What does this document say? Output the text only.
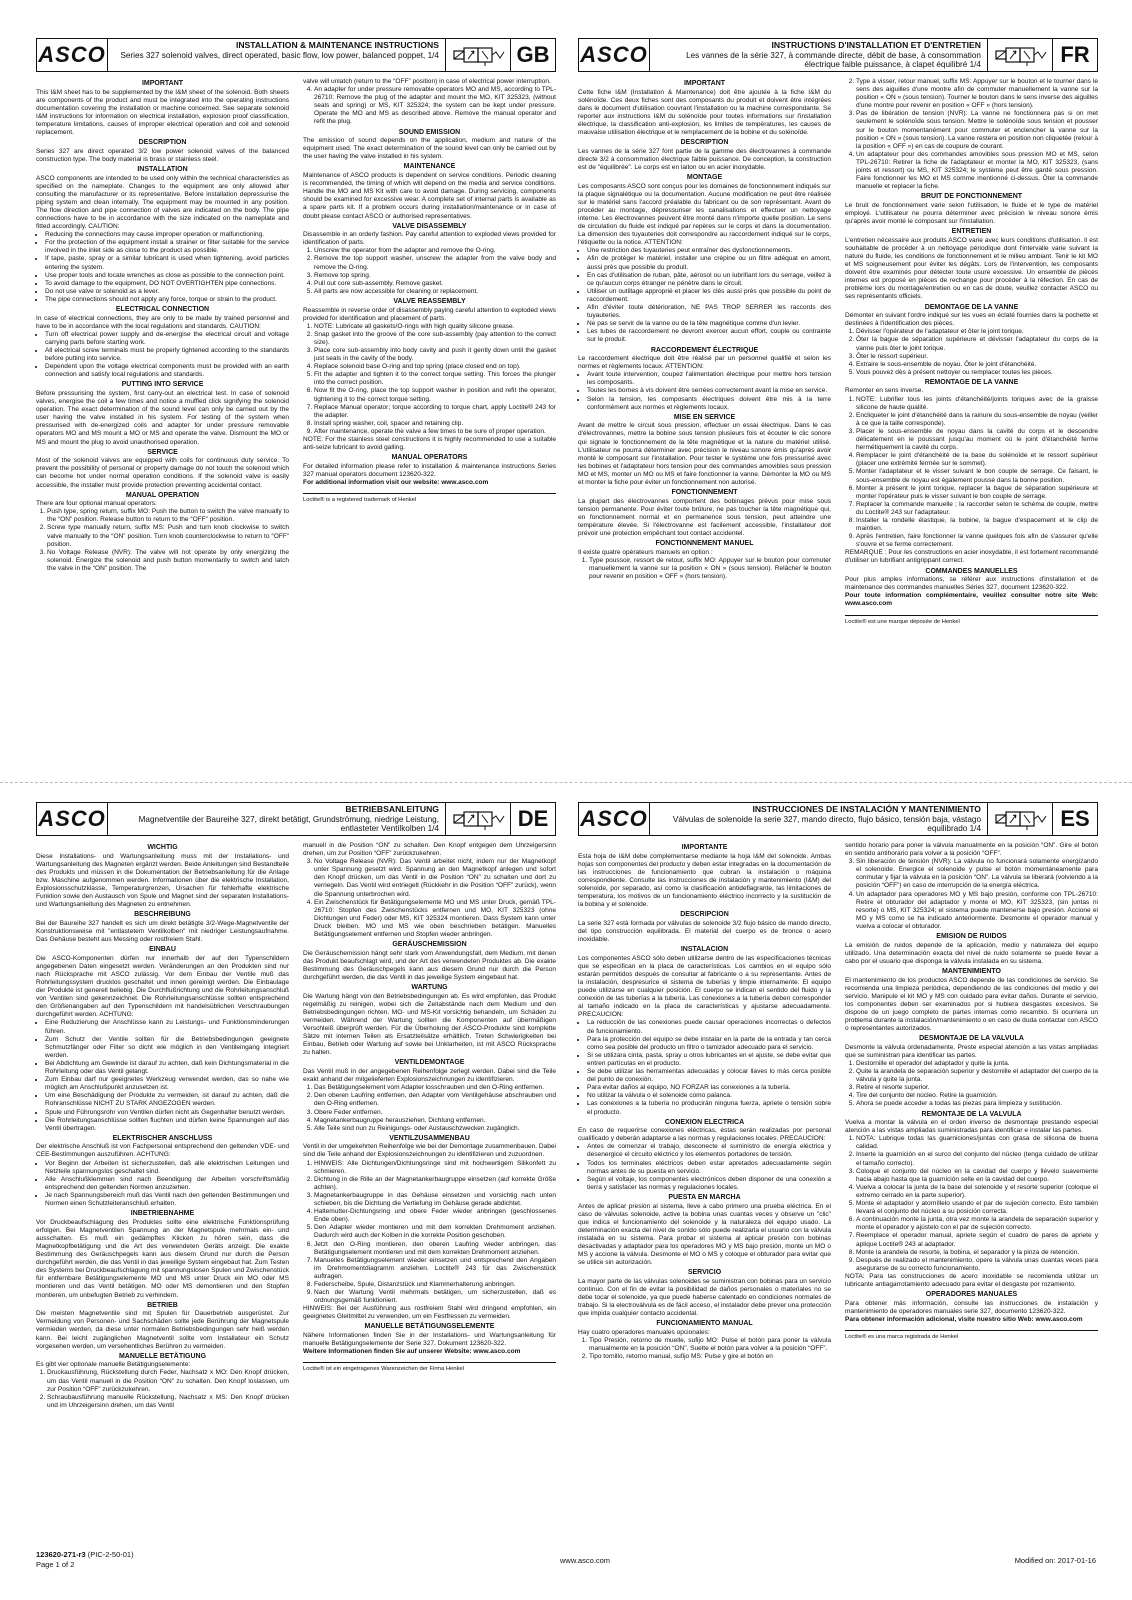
ASCO	INSTALLATION & MAINTENANCE INSTRUCTIONS
Series 327 solenoid valves, direct operated, basic flow, low power, balanced poppet, 1/4	GB
IMPORTANT

This I&M sheet has to be supplemented by the I&M sheet of the solenoid. Both sheets are components of the product and must be integrated into the operating instructions documentation covering the installation or machine concerned. See separate solenoid I&M instructions for information on electrical installation, explosion proof classification, temperature limitations, causes of improper electrical operation and coil and solenoid replacement.

DESCRIPTION

Series 327 are direct operated 3/2 low power solenoid valves of the balanced construction type. The body material is brass or stainless steel.

INSTALLATION

ASCO components are intended to be used only within the technical characteristics as specified on the nameplate. Changes to the equipment are only allowed after consulting the manufacturer or its representative. Before installation depressurise the piping system and clean internally. The equipment may be mounted in any position. The flow direction and pipe connection of valves are indicated on the body. The pipe connections have to be in accordance with the size indicated on the nameplate and fitted accordingly. CAUTION:

• Reducing the connections may cause improper operation or malfunctioning.
• For the protection of the equipment install a strainer or filter suitable for the service involved in the inlet side as close to the product as possible.
• If tape, paste, spray or a similar lubricant is used when tightening, avoid particles entering the system.
• Use proper tools and locate wrenches as close as possible to the connection point.
• To avoid damage to the equipment, DO NOT OVERTIGHTEN pipe connections.
• Do not use valve or solenoid as a lever.
• The pipe connections should not apply any force, torque or strain to the product.
ELECTRICAL CONNECTION

In case of electrical connections, they are only to be made by trained personnel and have to be in accordance with the local regulations and standards. CAUTION:

• Turn off electrical power supply and de-energise the electrical circuit and voltage carrying parts before starting work.
• All electrical screw terminals must be properly tightened according to the standards before putting into service.
• Dependent upon the voltage electrical components must be provided with an earth connection and satisfy local regulations and standards.
PUTTING INTO SERVICE

Before pressurising the system, first carry-out an electrical test. In case of solenoid valves, energise the coil a few times and notice a muffled click signifying the solenoid operation. The exact determination of the sound level can only be carried out by the user having the valve installed in his system. For testing of the system when pressurised with de-energized coils and adapter for under pressure removable operators MO and MS mount a MO or MS and operate the valve. Dismount the MO or MS and mount the plug to avoid unauthorised operation.

SERVICE

Most of the solenoid valves are equipped with coils for continuous duty service. To prevent the possibility of personal or property damage do not touch the solenoid which can become hot under normal operation conditions. If the solenoid valve is easily accessible, the installer must provide protection preventing accidental contact.

MANUAL OPERATION

There are four optional manual operators:

1. Push type, spring return, suffix MO: Push the button to switch the valve manually to the “ON” position. Release button to return to the “OFF” position.
2. Screw type manually return, suffix MS: Push and turn knob clockwise to switch valve manually to the “ON” position. Turn knob counterclockwise to return to “OFF” position.
3. No Voltage Release (NVR): The valve will not operate by only energizing the solenoid. Energize the solenoid and push button momentarily to switch and latch the valve in the “ON” position. The

valve will unlatch (return to the “OFF” position) in case of electrical power interruption.

4. An adapter for under pressure removable operators MO and MS, according to TPL-26710: Remove the plug of the adapter and mount the MO, KIT 325323, (without seals and spring) or MS, KIT 325324; the system can be kept under pressure. Operate the MO and MS as described above. Remove the manual operator and refit the plug.
SOUND EMISSION

The emission of sound depends on the application, medium and nature of the equipment used. The exact determination of the sound level can only be carried out by the user having the valve installed in his system.

MAINTENANCE

Maintenance of ASCO products is dependent on service conditions. Periodic cleaning is recommended, the timing of which will depend on the media and service conditions. Handle the MO and MS Kit with care to avoid damage. During servicing, components should be examined for excessive wear. A complete set of internal parts is available as a spare parts kit. If a problem occurs during installation/maintenance or in case of doubt please contact ASCO or authorised representatives.

VALVE DISASSEMBLY

Disassemble in an orderly fashion. Pay careful attention to exploded views provided for identification of parts.

1. Unscrew the operator from the adapter and remove the O-ring.
2. Remove the top support washer, unscrew the adapter from the valve body and remove the O-ring.
3. Remove top spring.
4. Pull out core sub-assembly. Remove gasket.
5. All parts are now accessible for cleaning or replacement.
VALVE REASSEMBLY

Reassemble in reverse order of disassembly paying careful attention to exploded views provided for identification and placement of parts.

1. NOTE: Lubricate all gaskets/O-rings with high quality silicone grease.
2. Snap gasket into the groove of the core sub-assembly (pay attention to the correct size).
3. Place core sub-assembly into body cavity and push it gently down until the gasket just seals in the cavity of the body.
4. Replace solenoid base O-ring and top spring (place closed end on top).
5. Fit the adapter and tighten it to the correct torque setting. This forces the plunger into the correct position.
6. Now fit the O-ring, place the top support washer in position and refit the operator, tightening it to the correct torque setting.
7. Replace Manual operator; torque according to torque chart, apply Loctite® 243 for the adapter.
8. Install spring washer, coil, spacer and retaining clip.
9. After maintenance, operate the valve a few times to be sure of proper operation.

NOTE: For the stainless steel constructions it is highly recommended to use a suitable anti-seize lubricant to avoid galling.

MANUAL OPERATORS

For detailed information please refer to installation & maintenance instructions Series 327 manual operators document 123620-322.

For additional information visit our website: www.asco.com

Loctite® is a registered trademark of Henkel
ASCO	INSTRUCTIONS D'INSTALLATION ET D'ENTRETIEN
Les vannes de la série 327, à commande directe, débit de base, à consommation électrique faible puissance, à clapet équilibré 1/4	FR
IMPORTANT

Cette fiche I&M (Installation & Maintenance) doit être ajoutée à la fiche I&M du solénoïde. Ces deux fiches sont des composants du produit et doivent être intégrées dans le document d'utilisation couvrant l'installation ou la machine correspondante. Se reporter aux instructions I&M du solénoïde pour toutes informations sur l'installation électrique, la classification anti-explosion, les limites de températures, les causes de mauvaise utilisation électrique et le remplacement de la bobine et du solénoïde.

DESCRIPTION

Les vannes de la série 327 font partie de la gamme des électrovannes à commande directe 3/2 à consommation électrique faible puissance. De conception, la construction est de "équilibrée". Le corps est en laiton ou en acier inoxydable.

MONTAGE

Les composants ASCO sont conçus pour les domaines de fonctionnement indiqués sur la plaque signalétique ou la documentation. Aucune modification ne peut être réalisée sur le matériel sans l'accord préalable du fabricant ou de son représentant. Avant de procéder au montage, dépressuriser les canalisations et effectuer un nettoyage interne. Les électrovannes peuvent être monté dans n'importe quelle position. Le sens de circulation du fluide est indiqué par repères sur le corps et dans la documentation. La dimension des tuyauteries doit correspondre au raccordement indiqué sur le corps, l'étiquette ou la notice. ATTENTION:

• Une restriction des tuyauteries peut entraîner des dysfonctionnements.
• Afin de protéger le matériel, installer une crépine ou un filtre adéquat en amont, aussi près que possible du produit.
• En cas d'utilisation de ruban, pâte, aérosol ou un lubrifiant lors du serrage, veillez à ce qu'aucun corps étranger ne pénètre dans le circuit.
• Utiliser un outillage approprié et placer les clés aussi près que possible du point de raccordement.
• Afin d'éviter toute détérioration, NE PAS TROP SERRER les raccords des tuyauteries.
• Ne pas se servir de la vanne ou de la tête magnétique comme d'un levier.
• Les tubes de raccordement ne devront exercer aucun effort, couple ou contrainte sur le produit.
RACCORDEMENT ÉLECTRIQUE

Le raccordement électrique doit être réalisé par un personnel qualifié et selon les normes et règlements locaux. ATTENTION:

• Avant toute intervention, coupez l'alimentation électrique pour mettre hors tension les composants.
• Toutes les bornes à vis doivent être serrées correctement avant la mise en service.
• Selon la tension, les composants électriques doivent être mis à la terre conformément aux normes et règlements locaux.
MISE EN SERVICE

Avant de mettre le circuit sous pression, effectuer un essai électrique. Dans le cas d'électrovannes, mettre la bobine sous tension plusieurs fois et écouter le clic sonore qui signale le fonctionnement de la tête magnétique et la nature du matériel utilisé. L'utilisateur ne pourra déterminer avec précision le niveau sonore émis qu'après avoir monté le composant sur l'installation. Pour tester le système une fois pressurisé avec les bobines et l'adaptateur hors tension pour des commandes amovibles sous pression MO et MS, monter un MO ou MS et faire fonctionner la vanne. Démonter la MO ou MS et monter la fiche pour éviter un fonctionnement non autorisé.

FONCTIONNEMENT

La plupart des électrovannes comportent des bobinages prévus pour mise sous tension permanente. Pour éviter toute brûlure, ne pas toucher la tête magnétique qui, en fonctionnement normal et en permanence sous tension, peut atteindre une température élevée. Si l'électrovanne est facilement accessible, l'installateur doit prévoir une protection empêchant tout contact accidentel.

FONCTIONNEMENT MANUEL

Il existe quatre opérateurs manuels en option :

1. Type poussoir, ressort de retour, suffix MO: Appuyer sur le bouton pour commuter manuellement la vanne sur la position « ON » (sous tension). Relâcher le bouton pour revenir en position « OFF » (hors tension).
2. Type à visser, retour manuel, suffix MS: Appuyer sur le bouton et le tourner dans le sens des aiguilles d'une montre afin de commuter manuellement la vanne sur la position « ON » (sous tension). Tourner le bouton dans le sens inverse des aiguilles d'une montre pour revenir en position « OFF » (hors tension).
3. Pas de libération de tension (NVR): La vanne ne fonctionnera pas si on met seulement le solénoïde sous tension. Mettre le solénoïde sous tension et pousser sur le bouton momentanément pour commuter et enclencher la vanne sur la position « ON » (sous tension). La vanne restera en position non cliquetée (relour à la position « OFF ») en cas de coupure de courant.
4. Un adaptateur pour des commandes amovibles sous pression MO et MS, selon TPL-26710: Retirer la fiche de l'adaptateur et monter la MO, KIT 325323, (sans joints et ressort) ou MS, KIT 325324; le système peut être gardé sous pression. Faire fonctionner les MO et MS comme mentionné ci-dessus. Ôter la commande manuelle et replacer la fiche.
BRUIT DE FONCTIONNEMENT

Le bruit de fonctionnement varie selon l'utilisation, le fluide et le type de matériel employé. L'utilisateur ne pourra déterminer avec précision le niveau sonore émis qu'après avoir monté le composant sur l'installation.

ENTRETIEN

L'entretien nécessaire aux produits ASCO varie avec leurs conditions d'utilisation. Il est souhaitable de procéder à un nettoyage périodique dont l'intervalle varie suivant la nature du fluide, les conditions de fonctionnement et le milieu ambiant. Tenir le kit MO et MS soigneusement pour éviter les dégâts. Lors de l'intervention, les composants doivent être examinés pour détecter toute usure excessive. Un ensemble de pièces internes est proposé en pièces de rechange pour procéder à la réfection. En cas de problème lors du montage/entretien ou en cas de doute, veuillez contacter ASCO ou ses représentants officiels.

DEMONTAGE DE LA VANNE

Démonter en suivant l'ordre indiqué sur les vues en éclaté fournies dans la pochette et destinées à l'identification des pièces.

1. Dévisser l'opérateur de l'adaptateur et ôter le joint torique.
2. Ôter la bague de séparation supérieure et dévisser l'adaptateur du corps de la vanne puis ôter le joint torique.
3. Ôter le ressort supérieur.
4. Extraire le sous-ensemble de noyau. Ôter le joint d'étanchéité.
5. Vous pouvez dès à présent nettoyer ou remplacer toutes les pièces.
REMONTAGE DE LA VANNE

Remonter en sens inverse.

1. NOTE: Lubrifier tous les joints d'étanchéité/joints toriques avec de la graisse silicone de haute qualité.
2. Encliqueter le joint d'étanchéité dans la rainure du sous-ensemble de noyau (veiller à ce que la taille corresponde).
3. Placer le sous-ensemble de noyau dans la cavité du corps et le descendre délicatement en le poussant jusqu'au moment où le joint d'étanchéité ferme hermétiquement la cavité du corps.
4. Remplacer le joint d'étanchéité de la base du solénoïde et le ressort supérieur (placer une extrémité fermée sur le sommet).
5. Monter l'adaptateur et le visser suivant le bon couple de serrage. Ce faisant, le sous-ensemble de noyau est également poussé dans la bonne position.
6. Monter à présent le joint torique, replacer la bague de séparation supérieure et monter l'opérateur puis le visser suivant le bon couple de serrage.
7. Replacer la commande manuelle ; la raccorder selon le schéma de couple, mettre du Loctite® 243 sur l'adaptateur.
8. Installer la rondelle élastique, la bobine, la bague d'espacement et le clip de maintien.
9. Après l'entretien, faire fonctionner la vanne quelques fois afin de s'assurer qu'elle s'ouvre et se ferme correctement.

REMARQUE : Pour les constructions en acier inoxydable, il est fortement recommandé d'utiliser un lubrifiant antigrippant correct.

COMMANDES MANUELLES

Pour plus amples informations, se référer aux instructions d'installation et de maintenance des commandes manuelles Séries 327, document 123620-322.

Pour toute information complémentaire, veuillez consulter notre site Web: www.asco.com

Loctite® est une marque déposée de Henkel
ASCO	BETRIEBSANLEITUNG
Magnetventile der Baureihe 327, direkt betätigt, Grundströmung, niedrige Leistung, entlasteter Ventilkolben 1/4	DE
WICHTIG

Diese Installations- und Wartungsanleitung muss mit der Installations- und Wartungsanleitung des Magneten ergänzt werden. Beide Anleitungen sind Bestandteile des Produkts und müssen in die Dokumentation der Betriebsanleitung für die Anlage bzw. Maschine aufgenommen werden. Informationen über die elektrische Installation, Explosionsschutzklasse, Temperaturgrenzen, Ursachen für fehlerhafte elektrische Funktion sowie den Austausch von Spule und Magnet sind der separaten Installations- und Wartungsanleitung des Magneten zu entnehmen.

BESCHREIBUNG

Bei der Baureihe 327 handelt es sich um direkt betätigte 3/2-Wege-Magnetventile der Konstruktionsweise mit "entlastetem Ventilkolben" mit niedriger Leistungsaufnahme. Das Gehäuse besteht aus Messing oder rostfreiem Stahl.

EINBAU

Die ASCO-Komponenten dürfen nur innerhalb der auf den Typenschildern angegebenen Daten eingesetzt werden. Veränderungen an den Produkten sind nur nach Rücksprache mit ASCO zulässig. Vor dem Einbau der Ventile muß das Rohrleitungssystem drucklos geschaltet und innen gereinigt werden. Die Einbaulage der Produkte ist generell beliebig. Die Durchflußrichtung und die Rohrleitungsanschluß von Ventilen sind gekennzeichnet. Die Rohrleitungsanschlüsse sollten entsprechend den Größenangaben auf den Typenschildern mit handelsüblichen Verschraubungen durchgeführt werden. ACHTUNG:

• Eine Reduzierung der Anschlüsse kann zu Leistungs- und Funktionsminderungen führen.
• Zum Schutz der Ventile sollten für die Betriebsbedingungen geeignete Schmutzfänger oder Filter so dicht wie möglich in den Ventileingang integriert werden.
• Bei Abdichtung am Gewinde ist darauf zu achten, daß kein Dichtungsmaterial in die Rohrleitung oder das Ventil gelangt.
• Zum Einbau darf nur geeignetes Werkzeug verwendet werden, das so nahe wie möglich am Anschlußpunkt anzusetzen ist.
• Um eine Beschädigung der Produkte zu vermeiden, ist darauf zu achten, daß die Rohranschlüsse NICHT ZU STARK ANGEZOGEN werden.
• Spule und Führungsrohr von Ventilen dürfen nicht als Gegenhalter benutzt werden.
• Die Rohrleitungsanschlüsse sollten fluchten und dürfen keine Spannungen auf das Ventil übertragen.
ELEKTRISCHER ANSCHLUSS

Der elektrische Anschluß ist von Fachpersonal entsprechend den geltenden VDE- und CEE-Bestimmungen auszuführen. ACHTUNG:

• Vor Beginn der Arbeiten ist sicherzustellen, daß alle elektrischen Leitungen und Netzteile spannungslos geschaltet sind.
• Alle Anschlußklemmen sind nach Beendigung der Arbeiten vorschriftsmäßig entsprechend den geltenden Normen anzuziehen.
• Je nach Spannungsbereich muß das Ventil nach den geltenden Bestimmungen und Normen einen Schutzleiteranschluß erhalten.
INBETRIEBNAHME

Vor Druckbeaufschlagung des Produktes sollte eine elektrische Funktionsprüfung erfolgen. Bei Magnetventilen Spannung an der Magnetspule mehrmals ein- und ausschalten. Es muß ein gedämpftes Klicken zu hören sein, dass die Magnetkopfbetätigung und die Art des verwendeten Geräts anzeigt. Die exakte Bestimmung des Geräuschpegels kann aus diesem Grund nur durch die Person durchgeführt werden, die das Ventil in das jeweilige System eingebaut hat. Zum Testen des Systems bei Druckbeaufschlagung mit spannungslosen Spulen und Zwischenstück für entfernbare Betätigungselemente MO und MS unter Druck ein MO oder MS montieren und das Ventil betätigen. MO oder MS demontieren und den Stopfen montieren, um unbefugten Betrieb zu verhindern.

BETRIEB

Die meisten Magnetventile sind mit Spulen für Dauerbetrieb ausgerüstet. Zur Vermeidung von Personen- und Sachschäden sollte jede Berührung der Magnetspule vermieden werden, da diese unter normalen Betriebsbedingungen sehr heiß werden kann. Bei leicht zugänglichen Magnetventil sollte vom Installateur ein Schutz vorgesehen werden, um versehentliches Berühren zu vermeiden.

MANUELLE BETÄTIGUNG

Es gibt vier optionale manuelle Betätigungselemente:

1. Druckausführung, Rückstellung durch Feder, Nachsatz x MO: Den Knopf drücken, um das Ventil manuell in die Position “ON” zu schalten. Den Knopf loslassen, um zur Position “OFF” zurückzukehren.
2. Schraubausführung manuelle Rückstellung, Nachsatz x MS: Den Knopf drücken und im Uhrzeigersinn drehen, um das Ventil

manuell in die Position “ON” zu schalten. Den Knopf entgegen dem Uhrzeigersinn drehen, um zur Position “OFF” zurückzukehren.

3. No Voltage Release (NVR): Das Ventil arbeitet nicht, indem nur der Magnetkopf unter Spannung gesetzt wird. Spannung an den Magnetkopf anlegen und sofort den Knopf drücken, um das Ventil in die Position “ON” zu schalten und dort zu verriegeln. Das Ventil wird entriegelt (Rückkehr in die Position “OFF” zurück), wenn die Spannung unterbrochen wird.
4. Ein Zwischenstück für Betätigungselemente MO und MS unter Druck, gemäß TPL-26710: Stopfen des Zwischenstücks entfernen und MO, KIT 325323 (ohne Dichtungen und Feder) oder MS, KIT 325324 montieren. Dass System kann unter Druck bleiben. MO und MS wie oben beschrieben betätigen. Manuelles Betätigungselement entfernen und Stopfen wieder anbringen.
GERÄUSCHEMISSION

Die Geräuschemission hängt sehr stark vom Anwendungsfall, dem Medium, mit denen das Produkt beaufschlagt wird, und der Art des verwendeten Produktes ab. Die exakte Bestimmung des Geräuschpegels kann aus diesem Grund nur durch die Person durchgeführt werden, die das Ventil in das jeweilige System eingebaut hat.

WARTUNG

Die Wartung hängt von den Betriebsbedingungen ab. Es wird empfohlen, das Produkt regelmäßig zu reinigen, wobei sich die Zeitabstände nach dem Medium und den Betriebsbedingungen richten. MO- und MS-Kit vorsichtig behandeln, um Schäden zu vermeiden. Während der Wartung sollten die Komponenten auf übermäßigen Verschleiß überprüft werden. Für die Überholung der ASCO-Produkte sind komplette Sätze mit internen Teilen als Ersatzteilsätze erhältlich. Treten Schwierigkeiten bei Einbau, Betrieb oder Wartung auf sowie bei Unklarheiten, ist mit ASCO Rücksprache zu halten.

VENTILDEMONTAGE

Das Ventil muß in der angegebenen Reihenfolge zerlegt werden. Dabei sind die Teile exakt anhand der mitgelieferten Explosionszeichnungen zu identifizieren.

1. Das Betätigungselement vom Adapter losschrauben und den O-Ring entfernen.
2. Den oberen Laufring entfernen, den Adapter vom Ventilgehäuse abschrauben und den O-Ring entfernen.
3. Obere Feder entfernen.
4. Magnetankerbaugruppe herausziehen. Dichtung entfernen.
5. Alle Teile sind nun zu Reinigungs- oder Austauschzwecken zugänglich.
VENTILZUSAMMENBAU

Ventil in der umgekehrten Reihenfolge wie bei der Demontage zusammenbauen. Dabei sind die Teile anhand der Explosionszeichnungen zu identifizieren und zuzuordnen.

1. HINWEIS: Alle Dichtungen/Dichtungsringe sind mit hochwertigem Silikonfett zu schmieren.
2. Dichtung in die Rille an der Magnetankerbaugruppe einsetzen (auf korrekte Größe achten).
3. Magnetankerbaugruppe in das Gehäuse einsetzen und vorsichtig nach unten schieben, bis die Dichtung die Vertiefung im Gehäuse gerade abdichtet.
4. Haltemutter-Dichtungsring und obere Feder wieder anbringen (geschlossenes Ende oben).
5. Den Adapter wieder montieren und mit dem korrekten Drehmoment anziehen. Dadurch wird auch der Kolben in die korrekte Position geschoben.
6. Jetzt den O-Ring montieren, den oberen Laufring wieder anbringen, das Betätigungselement montieren und mit dem korrekten Drehmoment anziehen.
7. Manuelles Betätigungselement wieder einsetzen und entsprechend den Angaben im Drehmomentdiagramm anziehen. Loctite® 243 für das Zwischenstück auftragen.
8. Federscheibe, Spule, Distanzstück und Klammerhalterung anbringen.
9. Nach der Wartung Ventil mehrmals betätigen, um sicherzustellen, daß es ordnungsgemäß funktioniert.

HINWEIS: Bei der Ausführung aus rostfreiem Stahl wird dringend empfohlen, ein geeignetes Gleitmittel zu verwenden, um ein Festfressen zu vermeiden.

MANUELLE BETÄTIGUNGSELEMENTE

Nähere Informationen finden Sie in der Installations- und Wartungsanleitung für manuelle Betätigungselemente der Serie 327, Dokument 123620-322.

Weitere Informationen finden Sie auf unserer Website: www.asco.com

Loctite® ist ein eingetragenes Warenzeichen der Firma Henkel
ASCO	INSTRUCCIONES DE INSTALACIÓN Y MANTENIMIENTO
Válvulas de solenoide la serie 327, mando directo, flujo básico, tensión baja, vástago equilibrado 1/4	ES
IMPORTANTE

Esta hoja de I&M debe complementarse mediante la hoja I&M del solenoide. Ambas hojas son componentes del producto y deben estar integradas en la documentación de las instrucciones de funcionamiento que cubran la instalación o máquina correspondiente. Consulte las instrucciones de instalación y mantenimiento (I&M) del solenoide, por separado, así como la clasificación antideflagrante, las limitaciones de temperatura, los motivos de un funcionamiento eléctrico incorrecto y la sustitución de la bobina y el solenoide.

DESCRIPCION

La serie 327 está formada por válvulas de solenoide 3/2 flujo básico de mando directo, del tipo construcción equilibrada. El material del cuerpo es de bronce o acero inoxidable.

INSTALACION

Los componentes ASCO sólo deben utilizarse dentro de las especificaciones técnicas que se especifican en la placa de características. Los cambios en el equipo sólo estarán permitidos después de consultar al fabricante o a su representante. Antes de la instalación, despresurice el sistema de tuberías y limpie internamente. El equipo puede utilizarse en cualquier posición. El cuerpo se indican el sentido del fluido y la conexión de las tuberías a la tubería. Las conexiones a la tubería deben corresponder al tamaño indicado en la placa de características y ajustarse adecuadamente. PRECAUCION:

• La reducción de las conexiones puede causar operaciones incorrectas o defectos de funcionamiento.
• Para la protección del equipo se debe instalar en la parte de la entrada y tan cerca como sea posible del producto un filtro o tamizador adecuado para el servicio.
• Si se utilizara cinta, pasta, spray u otros lubricantes en el ajuste, se debe evitar que entren partículas en el producto.
• Se debe utilizar las herramientas adecuadas y colocar llaves lo más cerca posible del punto de conexión.
• Para evitar daños al equipo, NO FORZAR las conexiones a la tubería.
• No utilizar la válvula o el solenoide como palanca.
• Las conexiones a la tubería no producirán ninguna fuerza, apriete o tensión sobre el producto.
CONEXION ELECTRICA

En caso de requerirse conexiones eléctricas, éstas serán realizadas por personal cualificado y deberán adaptarse a las normas y regulaciones locales. PRECAUCION:

• Antes de comenzar el trabajo, desconecte el suministro de energía eléctrica y desenergice el circuito eléctrico y los elementos portadores de tensión.
• Todos los terminales eléctricos deben estar apretados adecuadamente según normas antes de su puesta en servicio.
• Según el voltaje, los componentes electrónicos deben disponer de una conexión a tierra y satisfacer las normas y regulaciones locales.
PUESTA EN MARCHA

Antes de aplicar presión al sistema, lleve a cabo primero una prueba eléctrica. En el caso de válvulas solenoide, active la bobina unas cuantas veces y observe un "clic" que indica el funcionamiento del solenoide y la naturaleza del equipo usado. La determinación exacta del nivel de sonido sólo puede realizarla el usuario con la válvula instalada en su sistema. Para probar el sistema al aplicar presión con bobinas desactivadas y adaptador para los operadores MO y MS bajo presión, monte un MO o MS y accione la válvula. Desmonte el MO o MS y coloque el obturador para evitar que se utilice sin autorización.

SERVICIO

La mayor parte de las válvulas solenoides se suministran con bobinas para un servicio continuo. Con el fin de evitar la posibilidad de daños personales o materiales no se debe tocar el solenoide, ya que puede haberse calentado en condiciones normales de trabajo. Si la electroválvula es de fácil acceso, el instalador debe prever una protección que impida cualquier contacto accidental.

FUNCIONAMIENTO MANUAL

Hay cuatro operadores manuales opcionales:

1. Tipo Presión, retorno de muelle, sufijo MO: Pulse el botón para poner la válvula manualmente en la posición “ON”. Suelte el botón para volver a la posición “OFF”.
2. Tipo tornillo, retorno manual, sufijo MS: Pulse y gire el botón en

sentido horario para poner la válvula manualmente en la posición “ON”. Gire el botón en sentido antihorario para volver a la posición “OFF”.

3. Sin liberación de tensión (NVR): La válvula no funcionará solamente energizando el solenoide. Energice el solenoide y pulse el botón momentáneamente para conmutar y fijar la válvula en la posición “ON”. La válvula se liberará (volviendo a la posición “OFF”) en caso de interrupción de la energía eléctrica.
4. Un adaptador para operadores MO y MS bajo presión, conforme con TPL-26710: Retire el obturador del adaptador y monte el MO, KIT 325323, (sin juntas ni resorte) o MS, KIT 325324; el sistema puede mantenerse bajo presión. Accione el MO y MS como se ha indicado anteriormente. Desmonte el operador manual y vuelva a colocar el obturador.
EMISION DE RUIDOS

La emisión de ruidos depende de la aplicación, medio y naturaleza del equipo utilizado. Una determinación exacta del nivel de ruido solamente se puede llevar a cabo por el usuario que disponga la válvula instalada en su sistema.

MANTENIMIENTO

El mantenimiento de los productos ASCO depende de las condiciones de servicio. Se recomienda una limpieza periódica, dependiendo de las condiciones del medio y del servicio. Manipule el kit MO y MS con cuidado para evitar daños. Durante el servicio, los componentes deben ser examinados por si hubiera desgastes excesivos. Se dispone de un juego completo de partes internas como recambio. Si ocurriera un problema durante la instalación/mantenimiento o en caso de duda contactar con ASCO o representantes autorizados.

DESMONTAJE DE LA VALVULA

Desmonte la válvula ordenadamente. Preste especial atención a las vistas ampliadas que se suministran para identificar las partes.

1. Destornille el operador del adaptador y quite la junta.
2. Quite la arandela de separación superior y destornille el adaptador del cuerpo de la válvula y quite la junta.
3. Retire el resorte superior.
4. Tire del conjunto del núcleo. Retire la guarnición.
5. Ahora se puede acceder a todas las piezas para limpieza y sustitución.
REMONTAJE DE LA VALVULA

Vuelva a montar la válvula en el orden inverso de desmontaje prestando especial atención a las vistas ampliadas suministradas para identificar e instalar las partes.

1. NOTA: Lubrique todas las guarniciones/juntas con grasa de silicona de buena calidad.
2. Inserte la guarnición en el surco del conjunto del núcleo (tenga cuidado de utilizar el tamaño correcto).
3. Coloque el conjunto del núcleo en la cavidad del cuerpo y llévelo suavemente hacia abajo hasta que la guarnición selle en la cavidad del cuerpo.
4. Vuelva a colocar la junta de la base del solenoide y el resorte superior (coloque el extremo cerrado en la parte superior).
5. Monte el adaptador y atorníllelo usando el par de sujeción correcto. Esto también llevará el conjunto del núcleo a su posición correcta.
6. A continuación monte la junta, otra vez monte la arandela de separación superior y monte el operador y ajústelo con el par de sujeción correcto.
7. Reemplace el operador manual, apriete según el cuadro de pares de apriete y aplique Loctite® 243 al adaptador.
8. Monte la arandela de resorte, la bobina, el separador y la pinza de retención.
9. Después de realizado el mantenimiento, opere la válvula unas cuantas veces para asegurarse de su correcto funcionamiento.

NOTA: Para las construcciones de acero inoxidable se recomienda utilizar un lubricante antiagarrotamiento adecuado para evitar el desgaste por rozamiento.

OPERADORES MANUALES

Para obtener más información, consulte las instrucciones de instalación y mantenimiento de operadores manuales serie 327, documento 123620-322.

Para obtener información adicional, visite nuestro sitio Web: www.asco.com

Loctite® es una marca registrada de Henkel
123620-271-r3 (PIC-2-50-01)
Page 1 of 2	www.asco.com	Modified on: 2017-01-16
